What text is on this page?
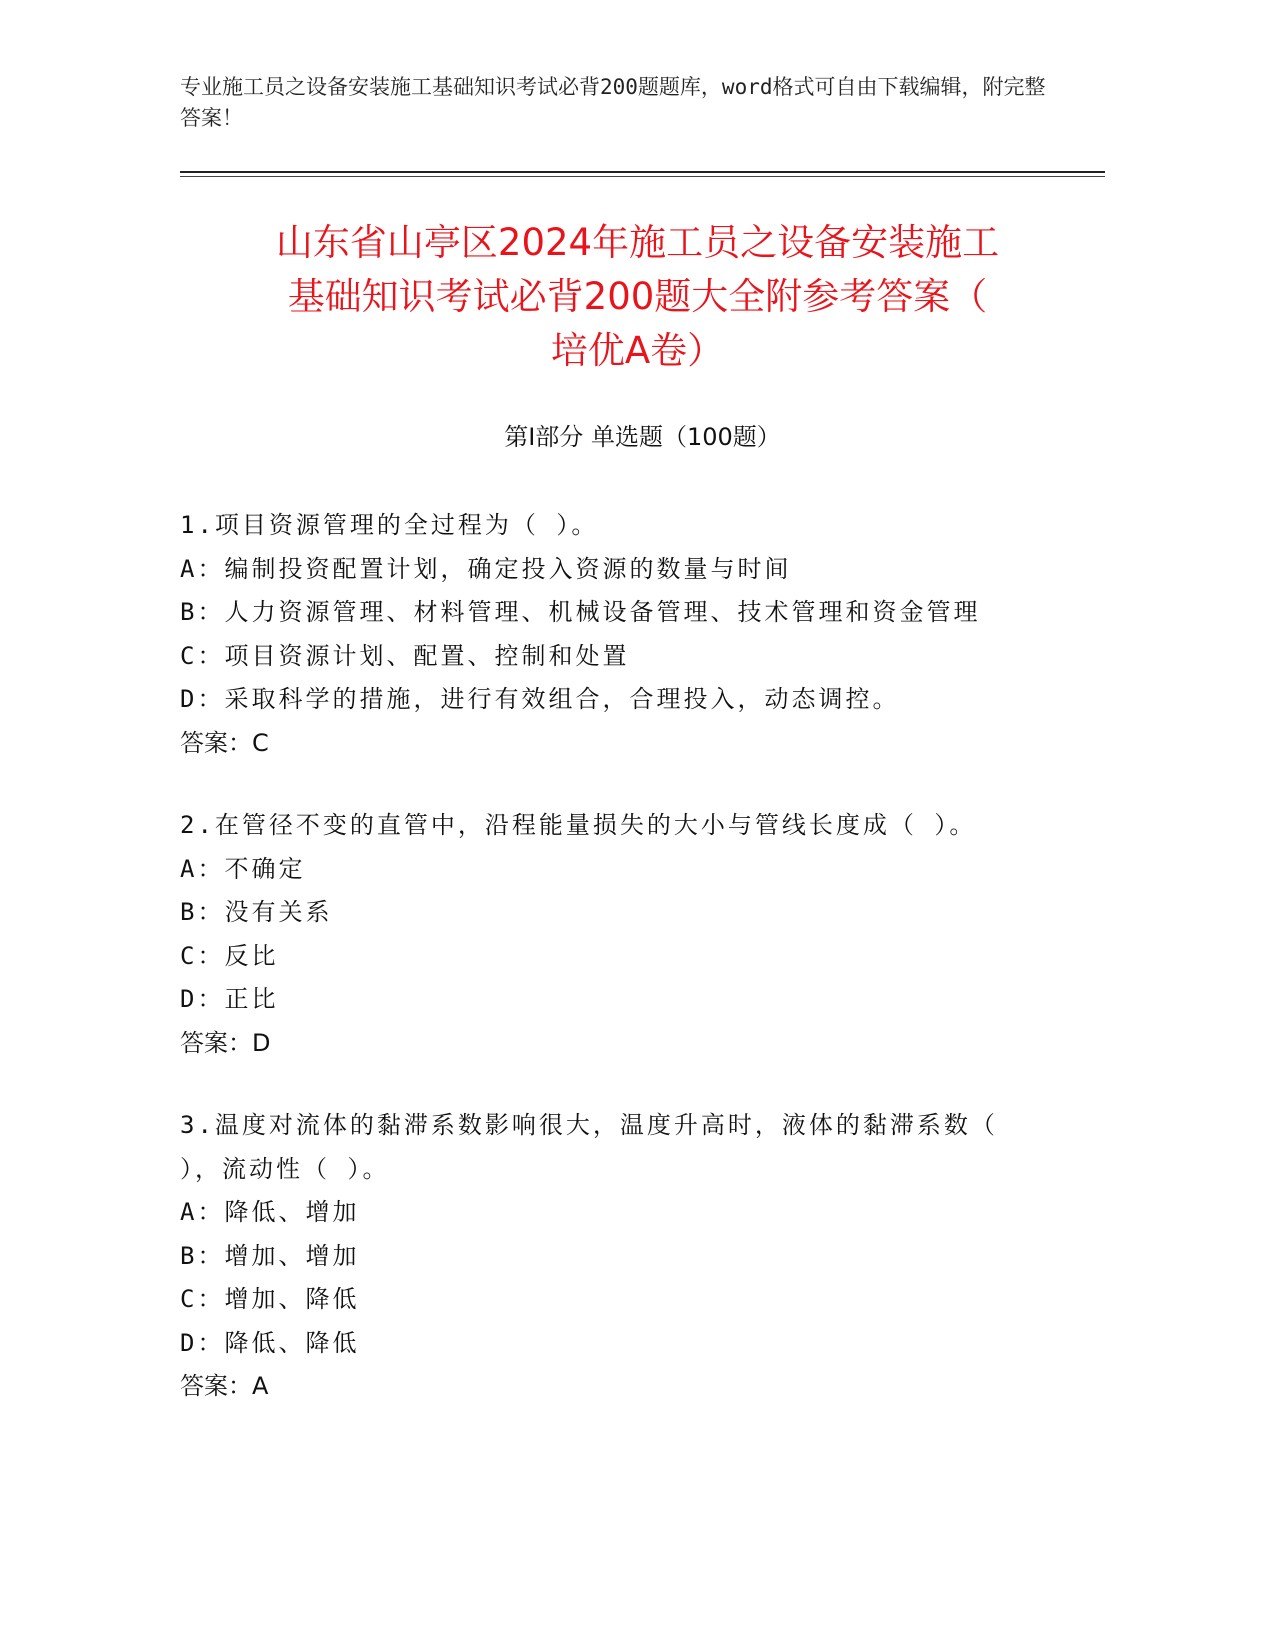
专业施工员之设备安装施工基础知识考试必背200题题库，word格式可自由下载编辑，附完整答案！
山东省山亭区2024年施工员之设备安装施工
基础知识考试必背200题大全附参考答案（
培优A卷）
第Ⅰ部分 单选题（100题）
1.项目资源管理的全过程为（ ）。
A：编制投资配置计划，确定投入资源的数量与时间
B：人力资源管理、材料管理、机械设备管理、技术管理和资金管理
C：项目资源计划、配置、控制和处置
D：采取科学的措施，进行有效组合，合理投入，动态调控。
答案：C
2.在管径不变的直管中，沿程能量损失的大小与管线长度成（ ）。
A：不确定
B：没有关系
C：反比
D：正比
答案：D
3.温度对流体的黏滞系数影响很大，温度升高时，液体的黏滞系数（ ），流动性（ ）。
A：降低、增加
B：增加、增加
C：增加、降低
D：降低、降低
答案：A
